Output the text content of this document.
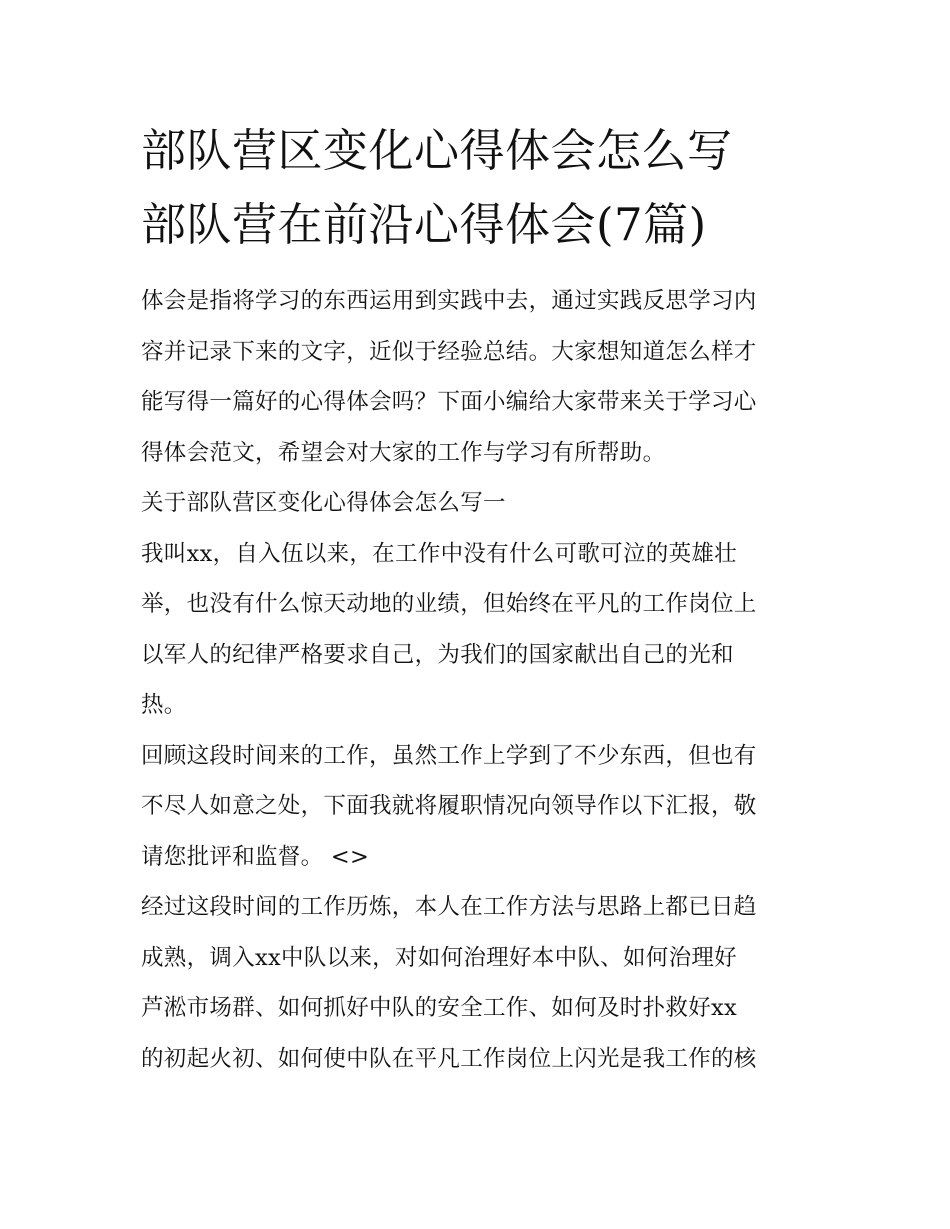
部队营区变化心得体会怎么写
部队营在前沿心得体会(7篇)

体会是指将学习的东西运用到实践中去，通过实践反思学习内
容并记录下来的文字，近似于经验总结。大家想知道怎么样才
能写得一篇好的心得体会吗？下面小编给大家带来关于学习心
得体会范文，希望会对大家的工作与学习有所帮助。

关于部队营区变化心得体会怎么写一

我叫xx，自入伍以来，在工作中没有什么可歌可泣的英雄壮
举，也没有什么惊天动地的业绩，但始终在平凡的工作岗位上
以军人的纪律严格要求自己，为我们的国家献出自己的光和
热。

回顾这段时间来的工作，虽然工作上学到了不少东西，但也有
不尽人如意之处，下面我就将履职情况向领导作以下汇报，敬
请您批评和监督。 <>

经过这段时间的工作历炼，本人在工作方法与思路上都已日趋
成熟，调入xx中队以来，对如何治理好本中队、如何治理好
芦淞市场群、如何抓好中队的安全工作、如何及时扑救好xx
的初起火初、如何使中队在平凡工作岗位上闪光是我工作的核
